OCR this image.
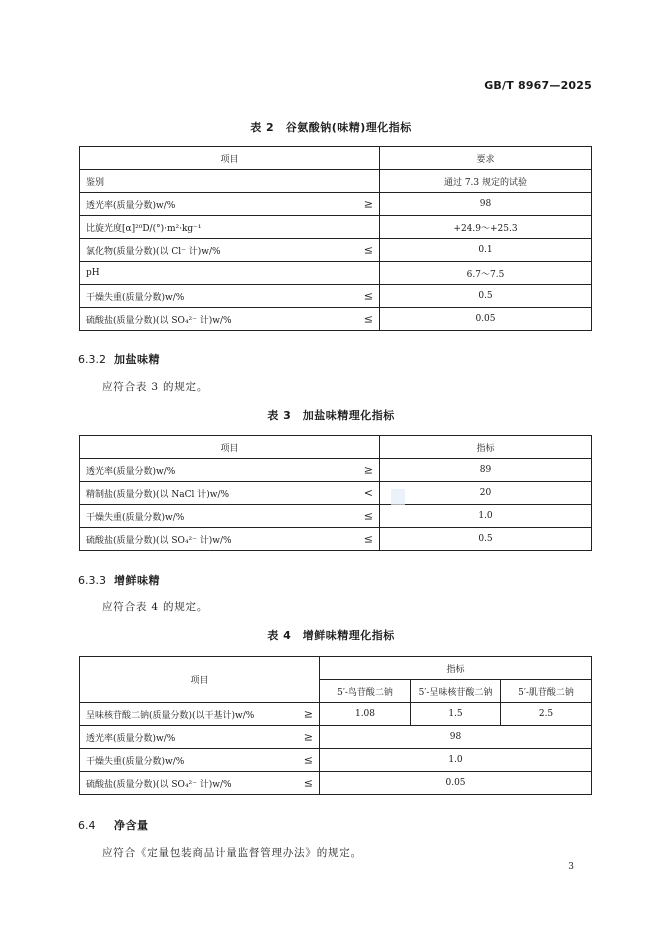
GB/T 8967—2025
表 2　谷氨酸钠(味精)理化指标
项目	要求
鉴别	通过 7.3 规定的试验
透光率(质量分数)w/% ≥	98
比旋光度[α]²⁰D/(°)·m²·kg⁻¹	+24.9～+25.3
氯化物(质量分数)(以 Cl⁻ 计)w/% ≤	0.1
pH	6.7～7.5
干燥失重(质量分数)w/% ≤	0.5
硫酸盐(质量分数)(以 SO₄²⁻ 计)w/% ≤	0.05
6.3.2 加盐味精
应符合表 3 的规定。
表 3　加盐味精理化指标
项目	指标
透光率(质量分数)w/% ≥	89
精制盐(质量分数)(以 NaCl 计)w/% <	20
干燥失重(质量分数)w/% ≤	1.0
硫酸盐(质量分数)(以 SO₄²⁻ 计)w/% ≤	0.5
6.3.3 增鲜味精
应符合表 4 的规定。
表 4　增鲜味精理化指标
项目	指标		
	5′-鸟苷酸二钠	5′-呈味核苷酸二钠	5′-肌苷酸二钠
呈味核苷酸二钠(质量分数)(以干基计)w/% ≥	1.08	1.5	2.5
透光率(质量分数)w/% ≥	98		
干燥失重(质量分数)w/% ≤	1.0		
硫酸盐(质量分数)(以 SO₄²⁻ 计)w/% ≤	0.05		
6.4 净含量
应符合《定量包装商品计量监督管理办法》的规定。
3
